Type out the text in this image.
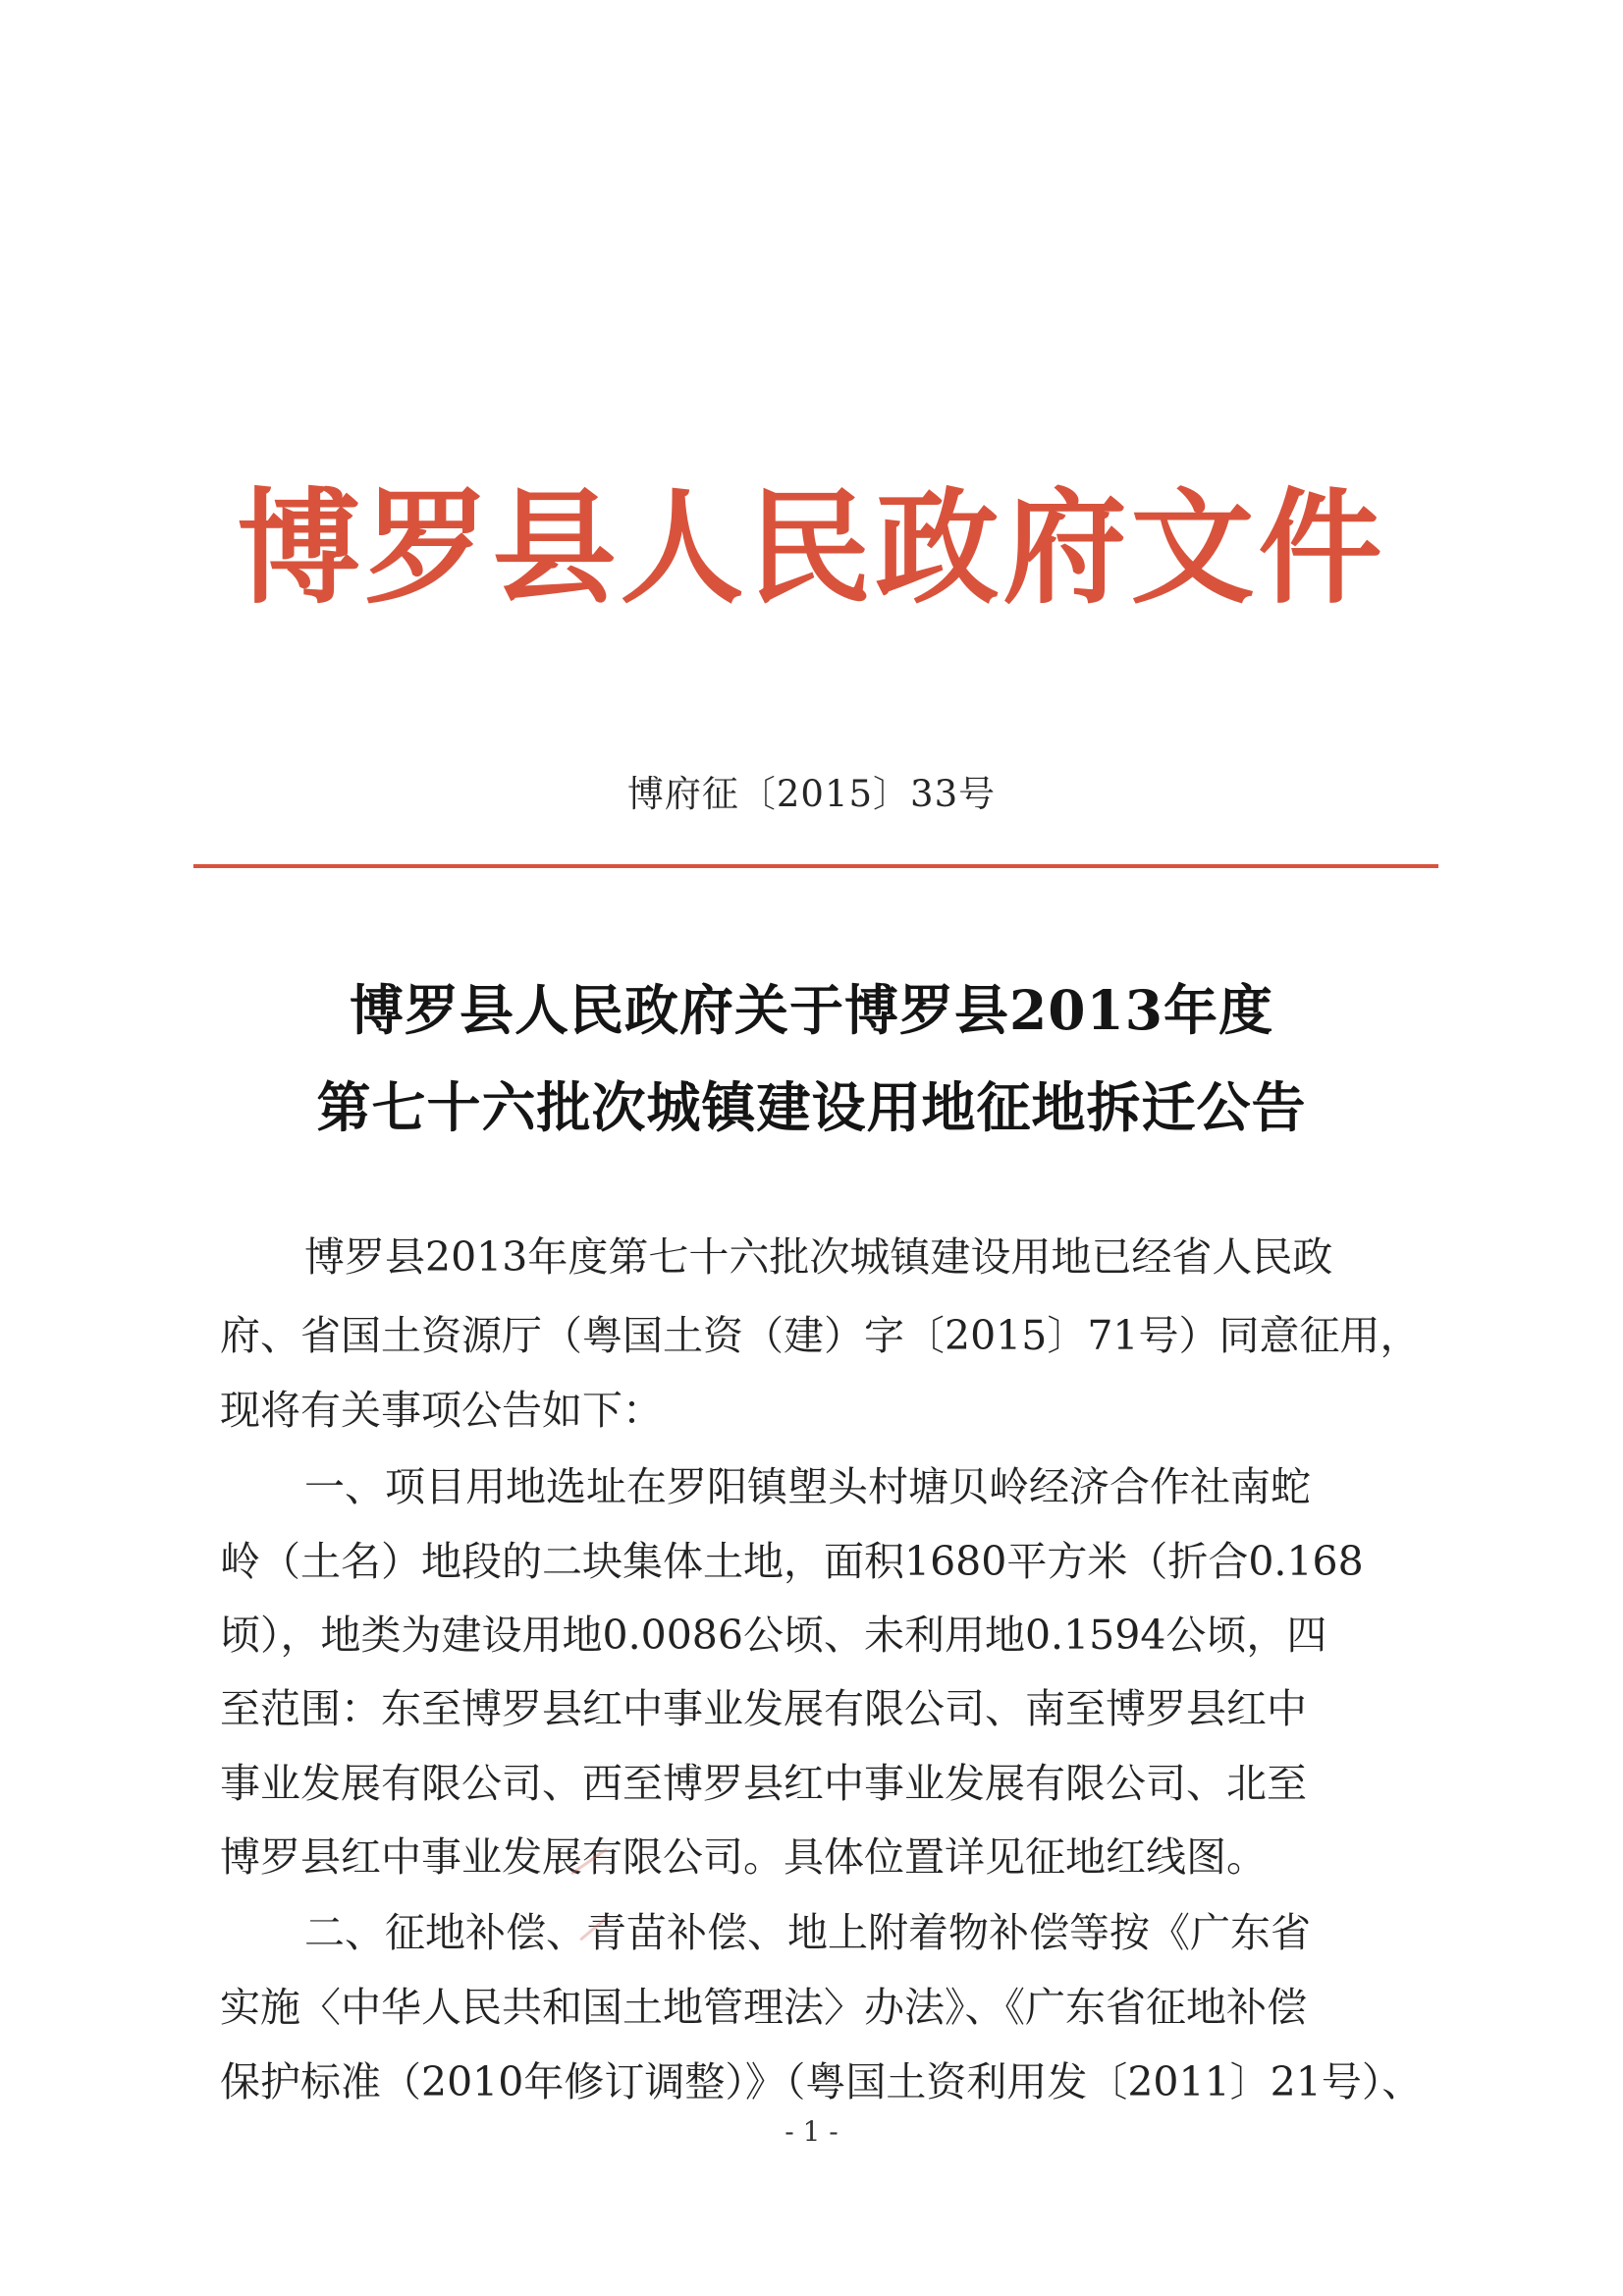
博罗县人民政府文件
博府征〔2015〕33号
博罗县人民政府关于博罗县2013年度
第七十六批次城镇建设用地征地拆迁公告
博罗县2013年度第七十六批次城镇建设用地已经省人民政
府、省国土资源厅（粤国土资（建）字〔2015〕71号）同意征用，
现将有关事项公告如下：
一、项目用地选址在罗阳镇塱头村塘贝岭经济合作社南蛇
岭（土名）地段的二块集体土地，面积1680平方米（折合0.168
顷），地类为建设用地0.0086公顷、未利用地0.1594公顷，四
至范围：东至博罗县红中事业发展有限公司、南至博罗县红中
事业发展有限公司、西至博罗县红中事业发展有限公司、北至
博罗县红中事业发展有限公司。具体位置详见征地红线图。
二、征地补偿、青苗补偿、地上附着物补偿等按《广东省
实施〈中华人民共和国土地管理法〉办法》、《广东省征地补偿
保护标准（2010年修订调整）》（粤国土资利用发〔2011〕21号）、
- 1 -
